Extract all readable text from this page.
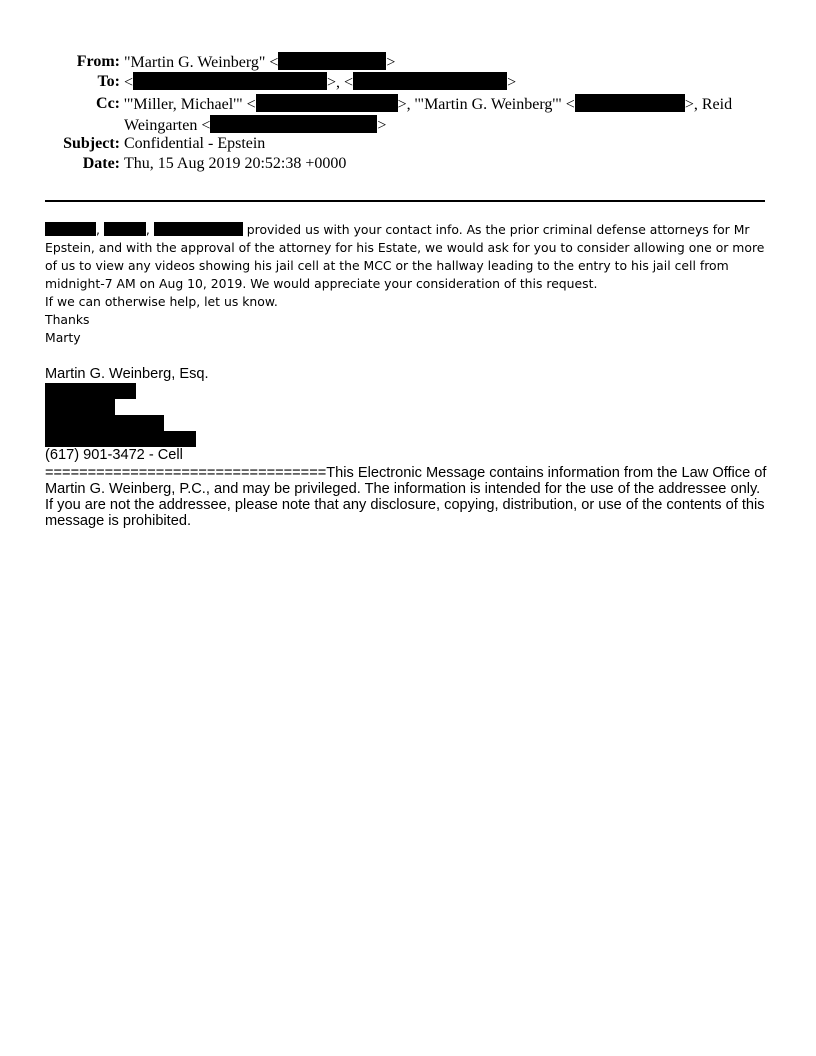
From: "Martin G. Weinberg" <	>
To: <	>, <	>
Cc: '"Miller, Michael'" <	>, '"Martin G. Weinberg'" <	>, Reid
Weingarten <	>
Subject: Confidential - Epstein
Date: Thu, 15 Aug 2019 20:52:38 +0000

,	,	provided us with your contact info. As the prior criminal defense attorneys for Mr Epstein, and with the approval of the attorney for his Estate, we would ask for you to consider allowing one or more of us to view any videos showing his jail cell at the MCC or the hallway leading to the entry to his jail cell from midnight-7 AM on Aug 10, 2019. We would appreciate your consideration of this request.

If we can otherwise help, let us know.

Thanks

Marty

Martin G. Weinberg, Esq.

(617) 901-3472 - Cell

=================================This Electronic Message contains information from the Law Office of Martin G. Weinberg, P.C., and may be privileged. The information is intended for the use of the addressee only. If you are not the addressee, please note that any disclosure, copying, distribution, or use of the contents of this message is prohibited.
